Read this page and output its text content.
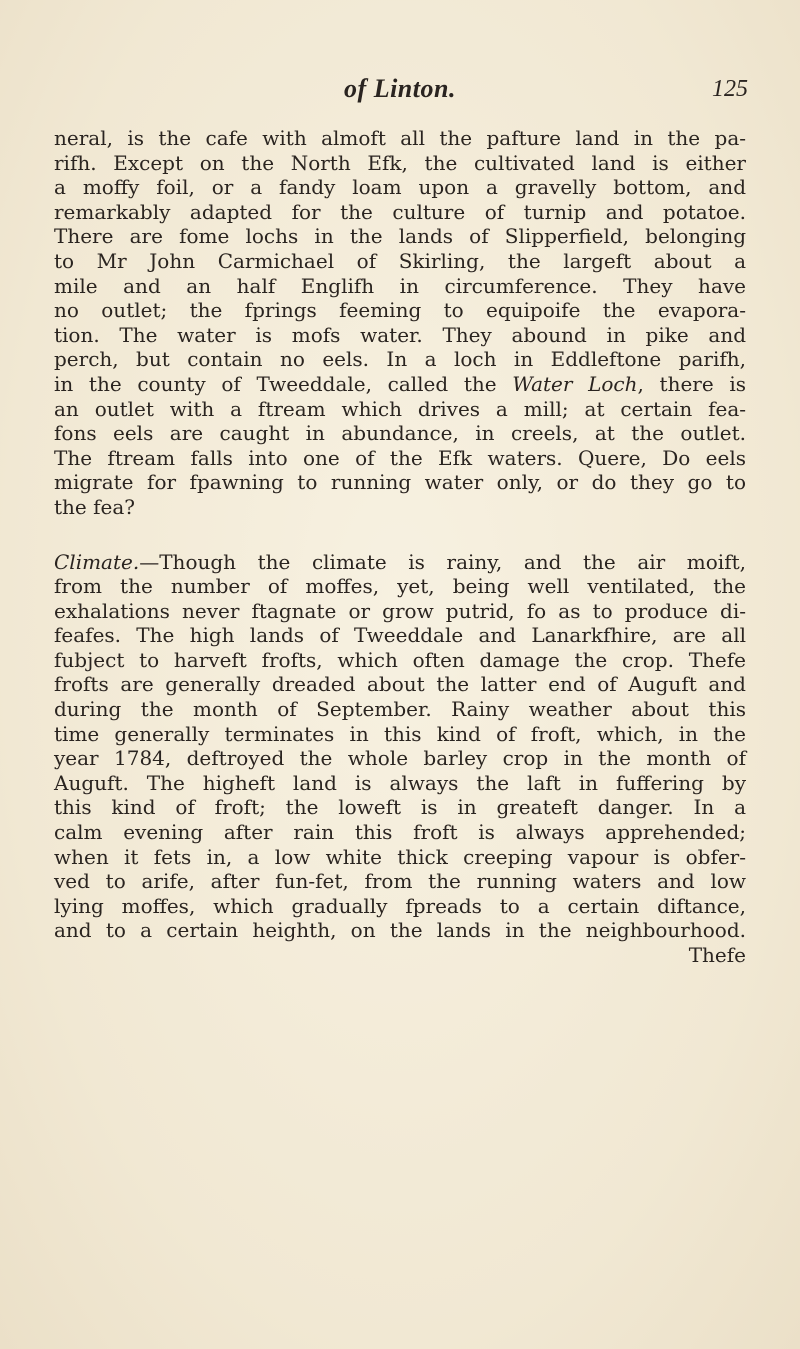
of Linton.	125
neral, is the cafe with almoft all the pafture land in the pa-
rifh. Except on the North Efk, the cultivated land is either
a moffy foil, or a fandy loam upon a gravelly bottom, and
remarkably adapted for the culture of turnip and potatoe.
There are fome lochs in the lands of Slipperfield, belonging
to Mr John Carmichael of Skirling, the largeft about a
mile and an half Englifh in circumference. They have
no outlet; the fprings feeming to equipoife the evapora-
tion. The water is mofs water. They abound in pike and
perch, but contain no eels. In a loch in Eddleftone parifh,
in the county of Tweeddale, called the Water Loch, there is
an outlet with a ftream which drives a mill; at certain fea-
fons eels are caught in abundance, in creels, at the outlet.
The ftream falls into one of the Efk waters. Quere, Do eels
migrate for fpawning to running water only, or do they go to
the fea?
Climate.—Though the climate is rainy, and the air moift,
from the number of moffes, yet, being well ventilated, the
exhalations never ftagnate or grow putrid, fo as to produce di-
feafes. The high lands of Tweeddale and Lanarkfhire, are all
fubject to harveft frofts, which often damage the crop. Thefe
frofts are generally dreaded about the latter end of Auguft and
during the month of September. Rainy weather about this
time generally terminates in this kind of froft, which, in the
year 1784, deftroyed the whole barley crop in the month of
Auguft. The higheft land is always the laft in fuffering by
this kind of froft; the loweft is in greateft danger. In a
calm evening after rain this froft is always apprehended;
when it fets in, a low white thick creeping vapour is obfer-
ved to arife, after fun-fet, from the running waters and low
lying moffes, which gradually fpreads to a certain diftance,
and to a certain heighth, on the lands in the neighbourhood.
Thefe
